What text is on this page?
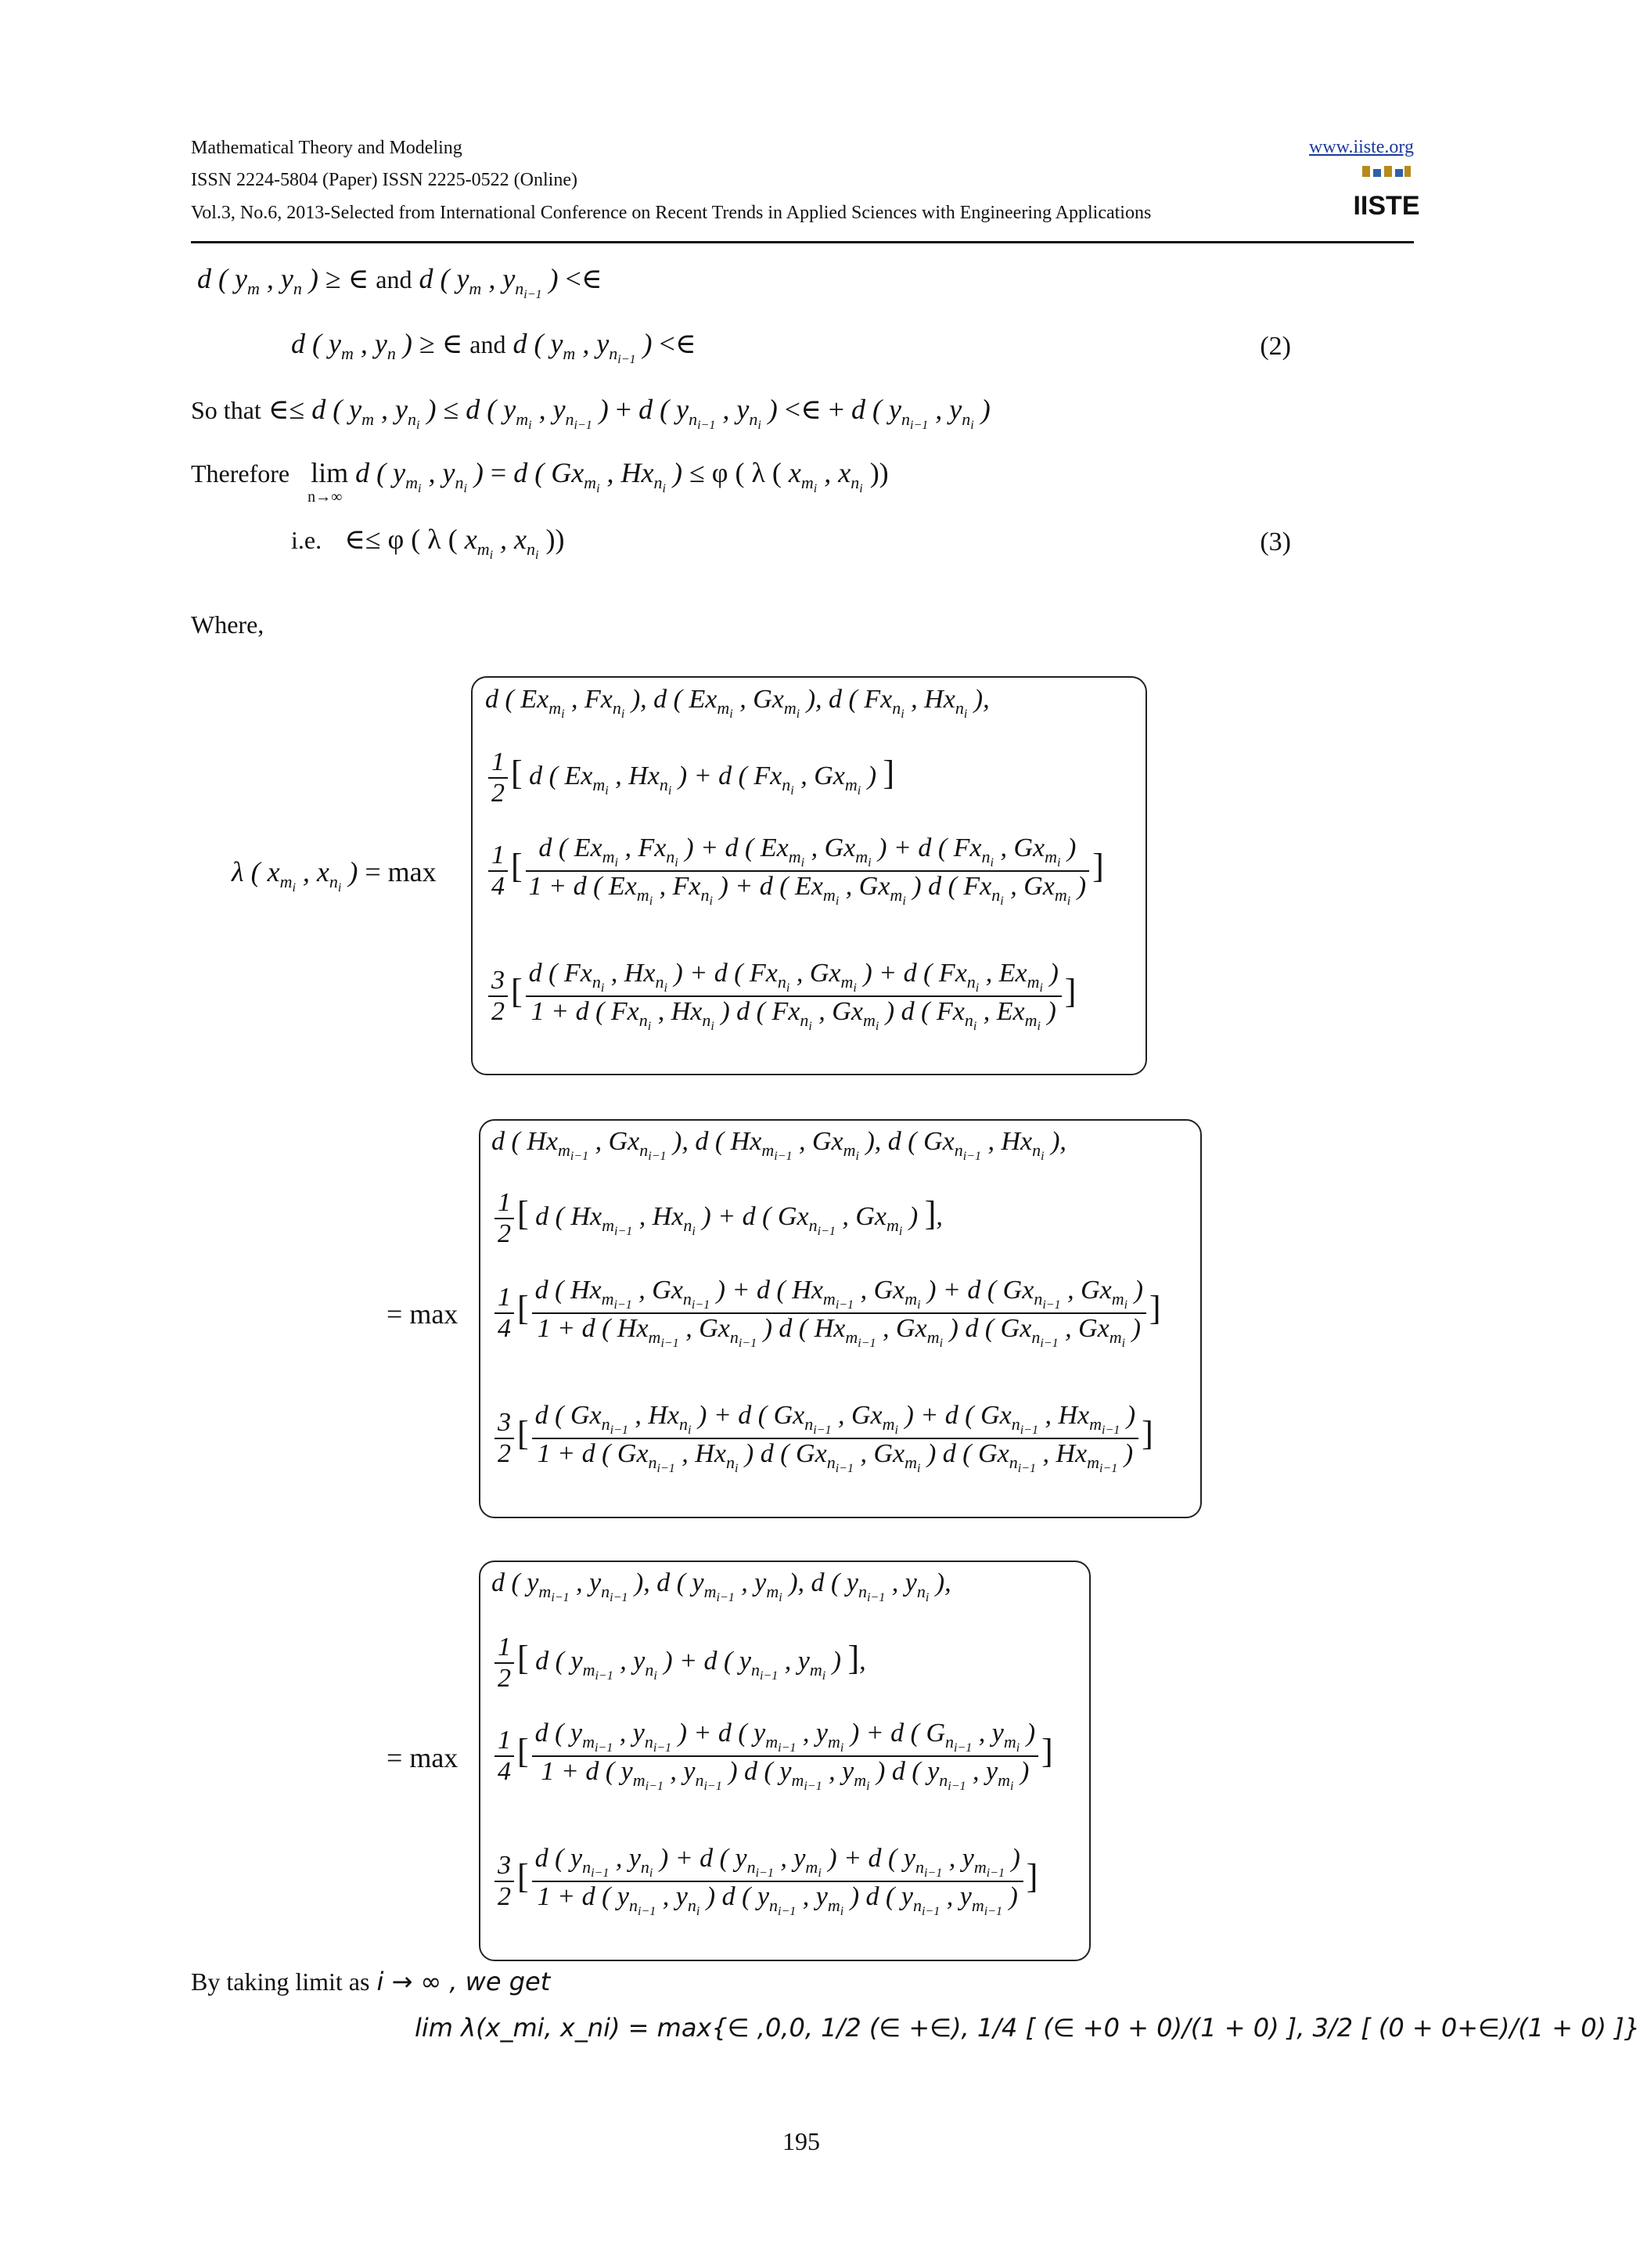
Mathematical Theory and Modeling
ISSN 2224-5804 (Paper) ISSN 2225-0522 (Online)
Vol.3, No.6, 2013-Selected from International Conference on Recent Trends in Applied Sciences with Engineering Applications
www.iiste.org
IISTE
d ( $y_m$ , $y_n$ ) ≥ ∈ and d ( $y_m$ , $y_{n_{i-1}}$ ) <∈
d ( $y_m$ , $y_n$ ) ≥ ∈ and d ( $y_m$ , $y_{n_{i-1}}$ ) <∈	(2)
So that ∈≤ d ( $y_m$ , $y_{n_i}$ ) ≤ d ( $y_{m_i}$ , $y_{n_{i-1}}$ ) + d ( $y_{n_{i-1}}$ , $y_{n_i}$ ) <∈ + d ( $y_{n_{i-1}}$ , $y_{n_i}$ )
Therefore lim
n→∞
d ( $y_{m_i}$ , $y_{n_i}$ ) = d ( $Gx_{m_i}$ , $Hx_{n_i}$ ) ≤ φ ( λ ( $x_{m_i}$ , $x_{n_i}$ ))
i.e. ∈≤ φ ( λ ( $x_{m_i}$ , $x_{n_i}$ ))	(3)
Where,
λ ( $x_{m_i}$ , $x_{n_i}$ ) = max
d ( $Ex_{m_i}$ , $Fx_{n_i}$ ), d ( $Ex_{m_i}$ , $Gx_{m_i}$ ), d ( $Fx_{n_i}$ , $Hx_{n_i}$ ),
$\frac{1}{2}$ [ d ( $Ex_{m_i}$ , $Hx_{n_i}$ ) + d ( $Fx_{n_i}$ , $Gx_{m_i}$ ) ]
$\frac{1}{4}$ [ $\frac{d ( Ex_{m_i} , Fx_{n_i} ) + d ( Ex_{m_i} , Gx_{m_i} ) + d ( Fx_{n_i} , Gx_{m_i} )}{1 + d ( Ex_{m_i} , Fx_{n_i} ) + d ( Ex_{m_i} , Gx_{m_i} ) d ( Fx_{n_i} , Gx_{m_i} )}$ ]
$\frac{3}{2}$ [ $\frac{d ( Fx_{n_i} , Hx_{n_i} ) + d ( Fx_{n_i} , Gx_{m_i} ) + d ( Fx_{n_i} , Ex_{m_i} )}{1 + d ( Fx_{n_i} , Hx_{n_i} ) d ( Fx_{n_i} , Gx_{m_i} ) d ( Fx_{n_i} , Ex_{m_i} )}$ ]
= max
d ( $Hx_{m_{i-1}}$ , $Gx_{n_{i-1}}$ ), d ( $Hx_{m_{i-1}}$ , $Gx_{m_i}$ ), d ( $Gx_{n_{i-1}}$ , $Hx_{n_i}$ ),
$\frac{1}{2}$ [ d ( $Hx_{m_{i-1}}$ , $Hx_{n_i}$ ) + d ( $Gx_{n_{i-1}}$ , $Gx_{m_i}$ ) ],
$\frac{1}{4}$ [ d ( $Hx_{m_{i-1}}$ , $Gx_{n_{i-1}}$ ) + d ( $Hx_{m_{i-1}}$ , $Gx_{m_i}$ ) + d ( $Gx_{n_{i-1}}$ , $Gx_{m_i}$ )
1 + d ( $Hx_{m_{i-1}}$ , $Gx_{n_{i-1}}$ ) d ( $Hx_{m_{i-1}}$ , $Gx_{m_i}$ ) d ( $Gx_{n_{i-1}}$ , $Gx_{m_i}$ )
]
$\frac{3}{2}$ [ d ( $Gx_{n_{i-1}}$ , $Hx_{n_i}$ ) + d ( $Gx_{n_{i-1}}$ , $Gx_{m_i}$ ) + d ( $Gx_{n_{i-1}}$ , $Hx_{m_{i-1}}$ )
1 + d ( $Gx_{n_{i-1}}$ , $Hx_{n_i}$ ) d ( $Gx_{n_{i-1}}$ , $Gx_{m_i}$ ) d ( $Gx_{n_{i-1}}$ , $Hx_{m_{i-1}}$ )
]
= max
d ( $y_{m_{i-1}}$ , $y_{n_{i-1}}$ ), d ( $y_{m_{i-1}}$ , $y_{m_i}$ ), d ( $y_{n_{i-1}}$ , $y_{n_i}$ ),
$\frac{1}{2}$ [ d ( $y_{m_{i-1}}$ , $y_{n_i}$ ) + d ( $y_{n_{i-1}}$ , $y_{m_i}$ ) ],
$\frac{1}{4}$ [ $\frac{d ( y_{m_{i-1}} , y_{n_{i-1}} ) + d ( y_{m_{i-1}} , y_{m_i} ) + d ( G_{n_{i-1}} , y_{m_i} )}{1 + d ( y_{m_{i-1}} , y_{n_{i-1}} ) d ( y_{m_{i-1}} , y_{m_i} ) d ( y_{n_{i-1}} , y_{m_i} )}$ ]
$\frac{3}{2}$ [ $\frac{d ( y_{n_{i-1}} , y_{n_i} ) + d ( y_{n_{i-1}} , y_{m_i} ) + d ( y_{n_{i-1}} , y_{m_{i-1}} )}{1 + d ( y_{n_{i-1}} , y_{n_i} ) d ( y_{n_{i-1}} , y_{m_i} ) d ( y_{n_{i-1}} , y_{m_{i-1}} )}$ ]
By taking limit as i → ∞ , we get
lim λ(x_mi, x_ni) = max{∈ ,0,0, 1/2 (∈ +∈), 1/4 [ (∈ +0 + 0)/(1 + 0) ], 3/2 [ (0 + 0+∈)/(1 + 0) ]}
195
